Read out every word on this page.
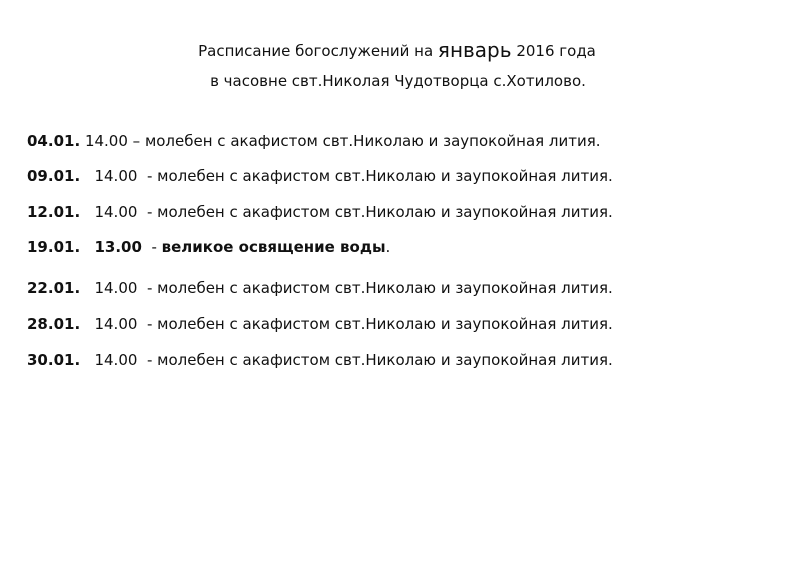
Расписание богослужений на январь 2016 года
в часовне свт.Николая Чудотворца с.Хотилово.
04.01. 14.00 – молебен с акафистом свт.Николаю и заупокойная лития.
09.01. 14.00  - молебен с акафистом свт.Николаю и заупокойная лития.
12.01. 14.00  - молебен с акафистом свт.Николаю и заупокойная лития.
19.01. 13.00  - великое освящение воды.
22.01. 14.00  - молебен с акафистом свт.Николаю и заупокойная лития.
28.01. 14.00  - молебен с акафистом свт.Николаю и заупокойная лития.
30.01. 14.00  - молебен с акафистом свт.Николаю и заупокойная лития.
